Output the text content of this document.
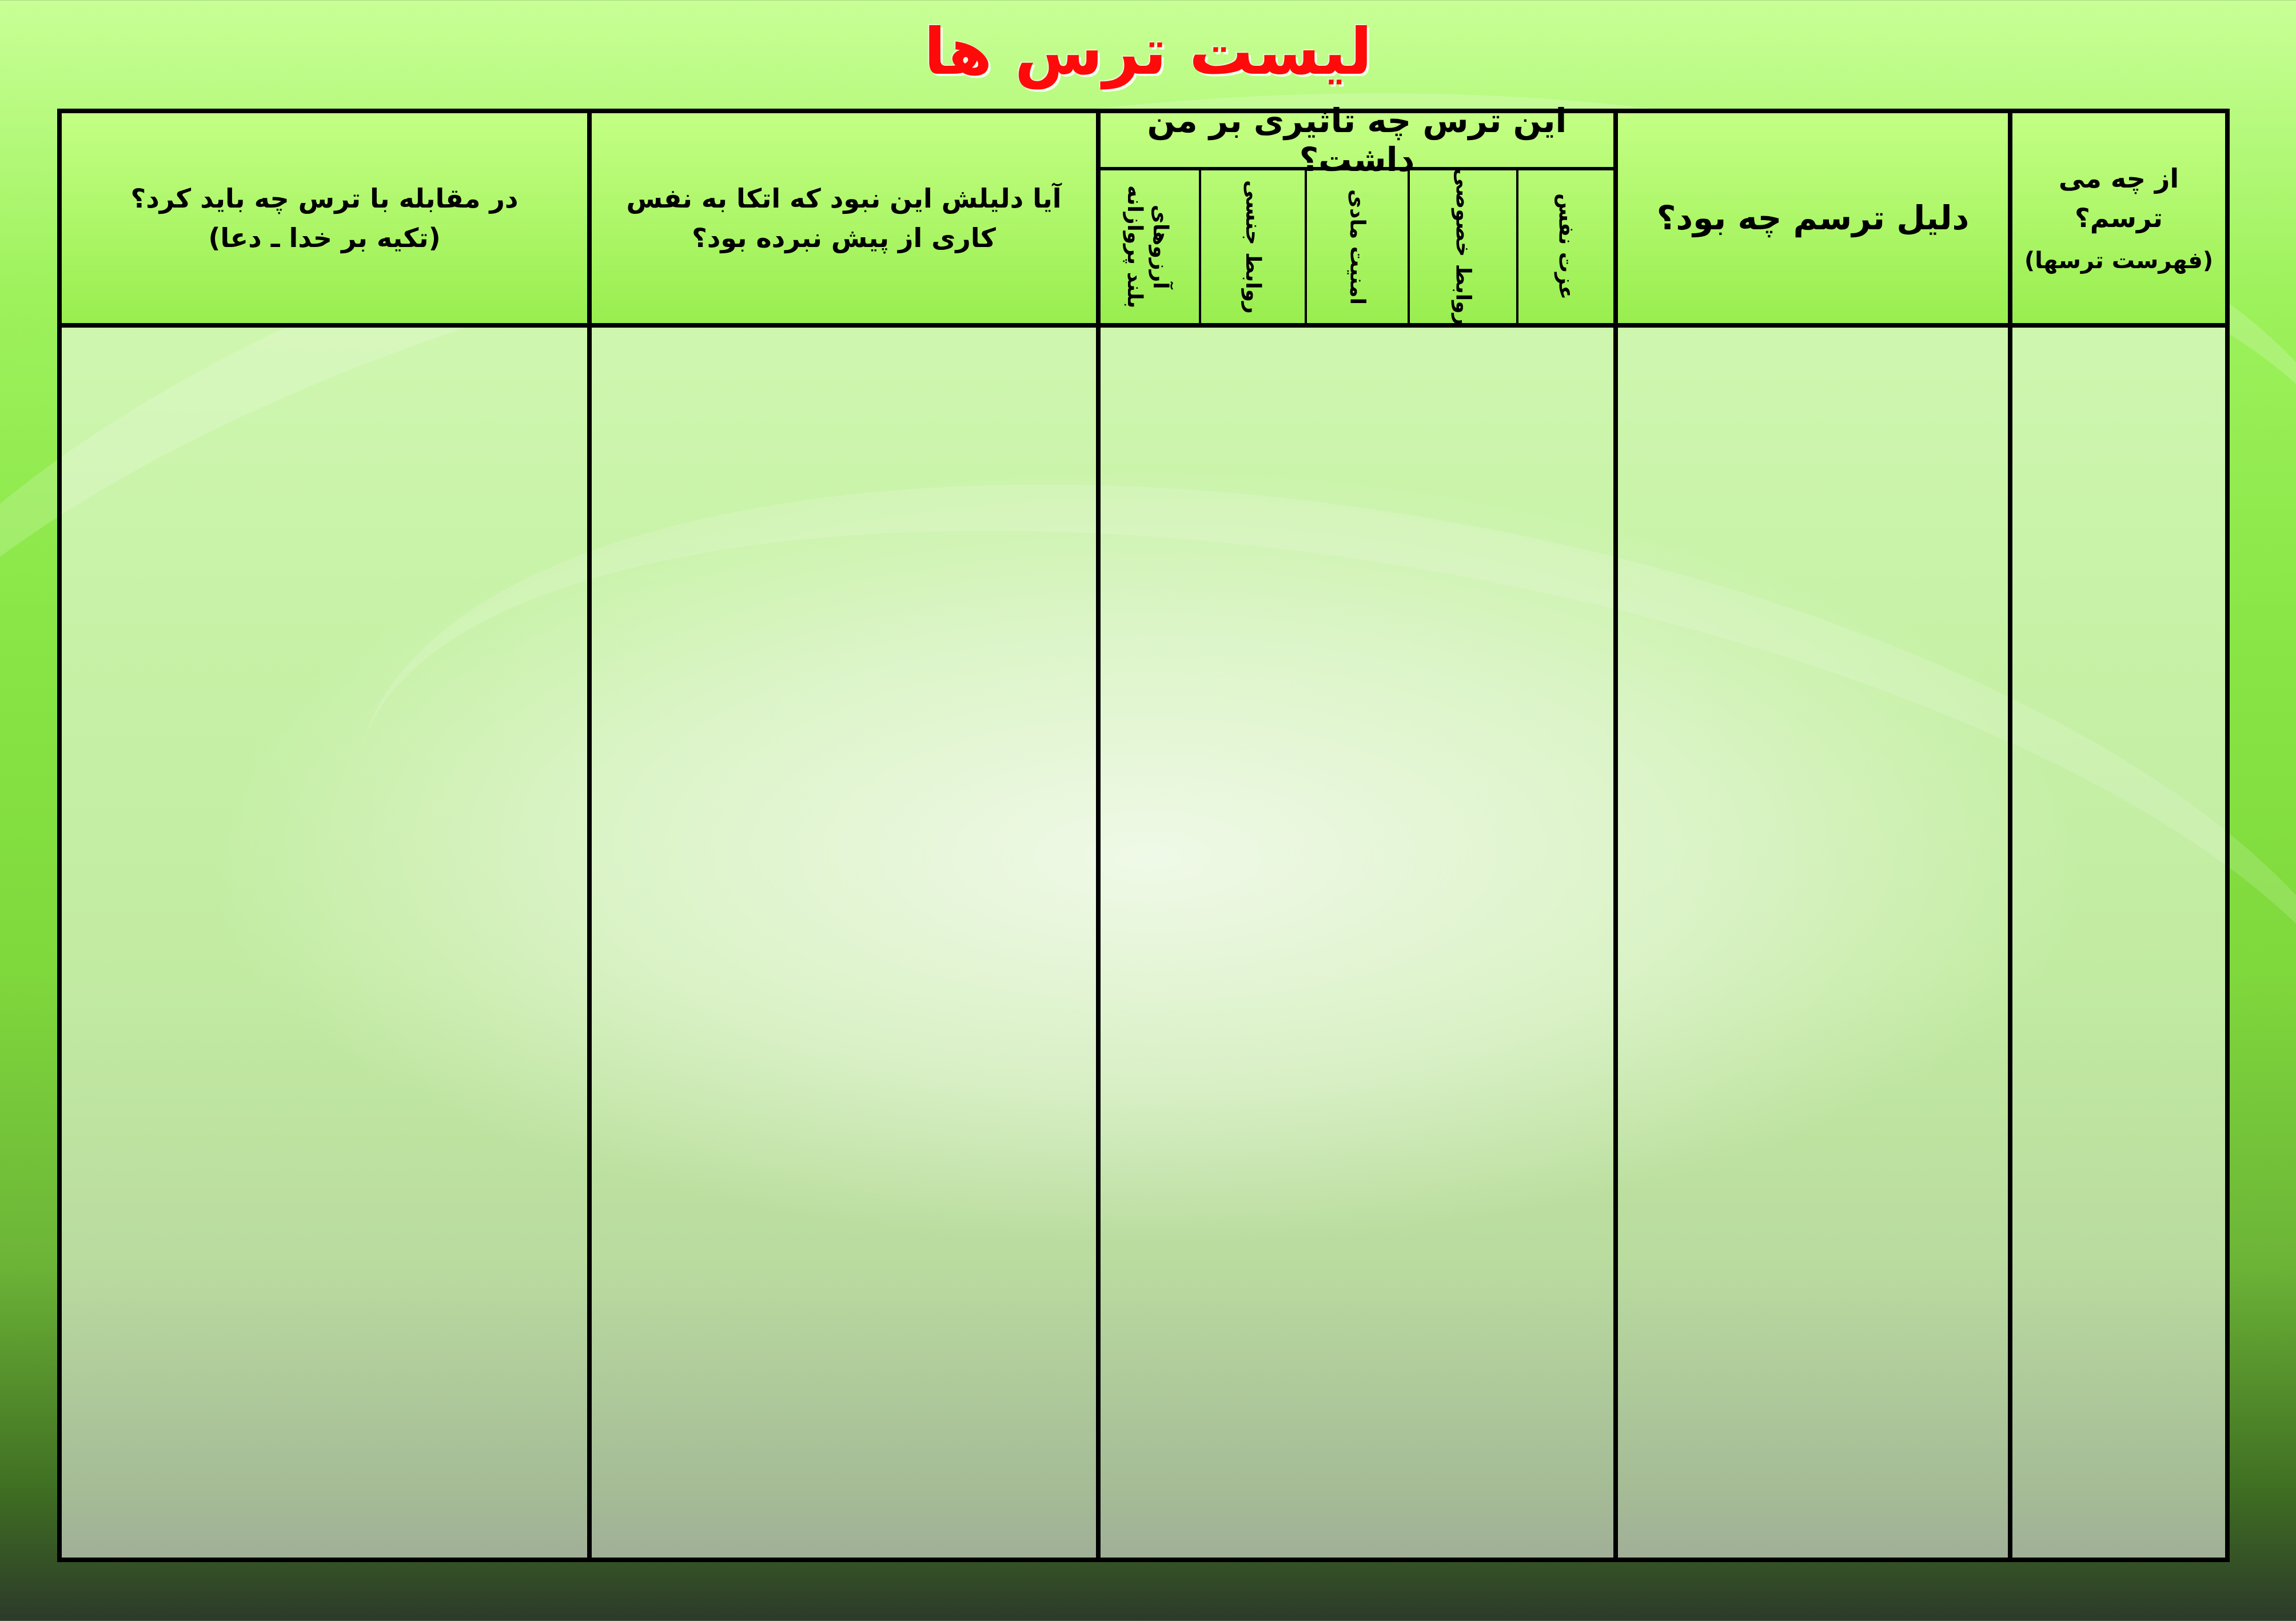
لیست ترس ها
از چه می ترسم؟
(فهرست ترسها)
دلیل ترسم چه بود؟
این ترس چه تاثیری بر من داشت؟
عزت نفس
روابط خصوصی
امنیت مادی
روابط جنسی
آرزوهای بلند پروازانه
آیا دلیلش این نبود که اتکا به نفس
کاری از پیش نبرده بود؟
در مقابله با ترس چه باید کرد؟
(تکیه بر خدا ـ دعا)
